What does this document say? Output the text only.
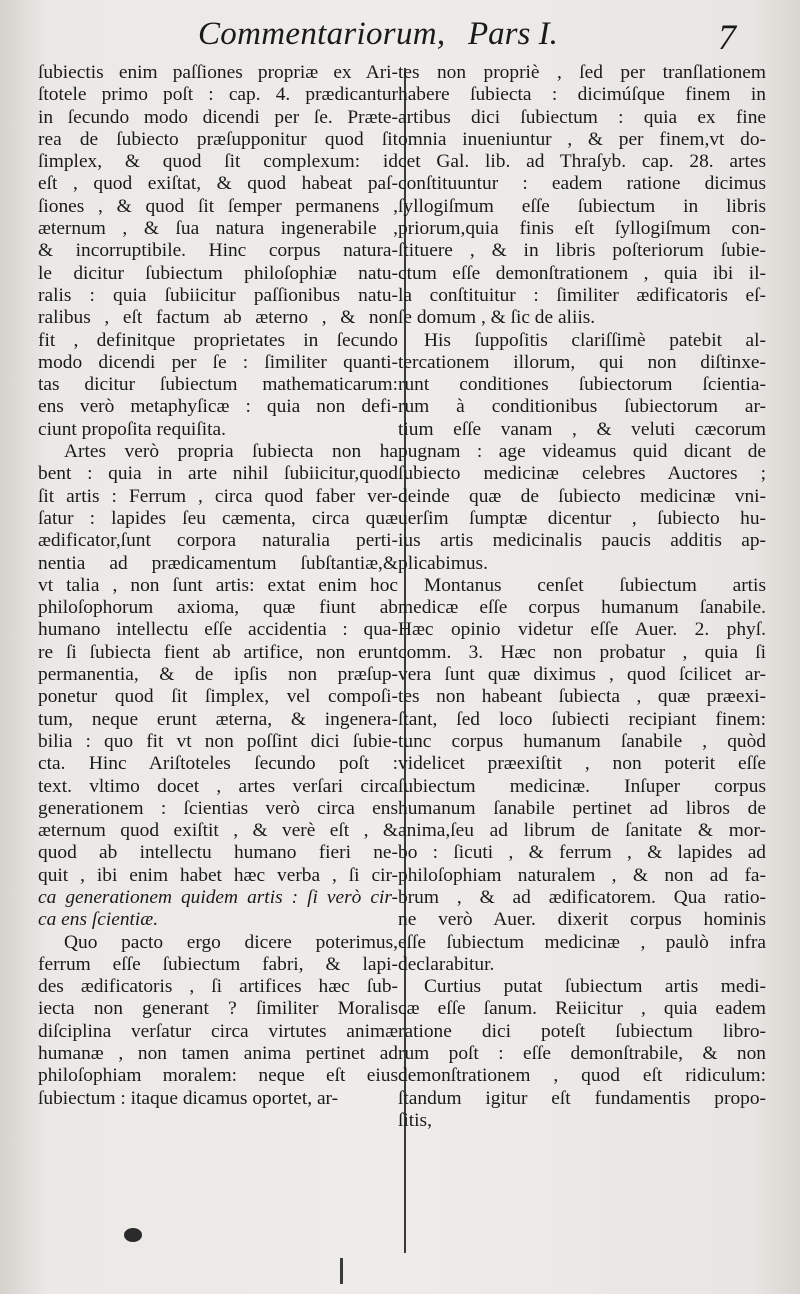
Commentariorum, Pars I.	7
ſubiectis enim paſſiones propriæ ex Ari-
ſtotele primo poſt : cap. 4. prædicantur
in ſecundo modo dicendi per ſe. Præte-
rea de ſubiecto præſupponitur quod ſit
ſimplex, & quod ſit complexum: id
eſt , quod exiſtat, & quod habeat paſ-
ſiones , & quod ſit ſemper permanens ,
æternum , & ſua natura ingenerabile ,
& incorruptibile. Hinc corpus natura-
le dicitur ſubiectum philoſophiæ natu-
ralis : quia ſubiicitur paſſionibus natu-
ralibus , eſt factum ab æterno , & non
fit , definitque proprietates in ſecundo
modo dicendi per ſe : ſimiliter quanti-
tas dicitur ſubiectum mathematicarum:
ens verò metaphyſicæ : quia non defi-
ciunt propoſita requiſita.
Artes verò propria ſubiecta non ha
bent : quia in arte nihil ſubiicitur,quod
ſit artis : Ferrum , circa quod faber ver-
ſatur : lapides ſeu cæmenta, circa quæ
ædificator,ſunt corpora naturalia perti-
nentia ad prædicamentum ſubſtantiæ,&
vt talia , non ſunt artis: extat enim hoc
philoſophorum axioma, quæ fiunt ab
humano intellectu eſſe accidentia : qua-
re ſi ſubiecta fient ab artifice, non erunt
permanentia, & de ipſis non præſup-
ponetur quod ſit ſimplex, vel compoſi-
tum, neque erunt æterna, & ingenera-
bilia : quo fit vt non poſſint dici ſubie-
cta. Hinc Ariſtoteles ſecundo poſt :
text. vltimo docet , artes verſari circa
generationem : ſcientias verò circa ens
æternum quod exiſtit , & verè eſt , &
quod ab intellectu humano fieri ne-
quit , ibi enim habet hæc verba , ſi cir-
ca generationem quidem artis : ſi verò cir-
ca ens ſcientiæ.
Quo pacto ergo dicere poterimus,
ferrum eſſe ſubiectum fabri, & lapi-
des ædificatoris , ſi artifices hæc ſub-
iecta non generant ? ſimiliter Moralis
diſciplina verſatur circa virtutes animæ
humanæ , non tamen anima pertinet ad
philoſophiam moralem: neque eſt eius
ſubiectum : itaque dicamus oportet, ar-
tes non propriè , ſed per tranſlationem
habere ſubiecta : dicimúſque finem in
artibus dici ſubiectum : quia ex fine
omnia inueniuntur , & per finem,vt do-
cet Gal. lib. ad Thraſyb. cap. 28. artes
conſtituuntur : eadem ratione dicimus
ſyllogiſmum eſſe ſubiectum in libris
priorum,quia finis eſt ſyllogiſmum con-
ſtituere , & in libris poſteriorum ſubie-
ctum eſſe demonſtrationem , quia ibi il-
la conſtituitur : ſimiliter ædificatoris eſ-
ſe domum , & ſic de aliis.
His ſuppoſitis clariſſimè patebit al-
tercationem illorum, qui non diſtinxe-
runt conditiones ſubiectorum ſcientia-
rum à conditionibus ſubiectorum ar-
tium eſſe vanam , & veluti cæcorum
pugnam : age videamus quid dicant de
ſubiecto medicinæ celebres Auctores ;
deinde quæ de ſubiecto medicinæ vni-
uerſim ſumptæ dicentur , ſubiecto hu-
ius artis medicinalis paucis additis ap-
plicabimus.
Montanus cenſet ſubiectum artis
medicæ eſſe corpus humanum ſanabile.
Hæc opinio videtur eſſe Auer. 2. phyſ.
comm. 3. Hæc non probatur , quia ſi
vera ſunt quæ diximus , quod ſcilicet ar-
tes non habeant ſubiecta , quæ præexi-
ſtant, ſed loco ſubiecti recipiant finem:
tunc corpus humanum ſanabile , quòd
videlicet præexiſtit , non poterit eſſe
ſubiectum medicinæ. Inſuper corpus
humanum ſanabile pertinet ad libros de
anima,ſeu ad librum de ſanitate & mor-
bo : ſicuti , & ferrum , & lapides ad
philoſophiam naturalem , & non ad fa-
brum , & ad ædificatorem. Qua ratio-
ne verò Auer. dixerit corpus hominis
eſſe ſubiectum medicinæ , paulò infra
declarabitur.
Curtius putat ſubiectum artis medi-
cæ eſſe ſanum. Reiicitur , quia eadem
ratione dici poteſt ſubiectum libro-
rum poſt : eſſe demonſtrabile, & non
demonſtrationem , quod eſt ridiculum:
ſtandum igitur eſt fundamentis propo-
ſitis,
